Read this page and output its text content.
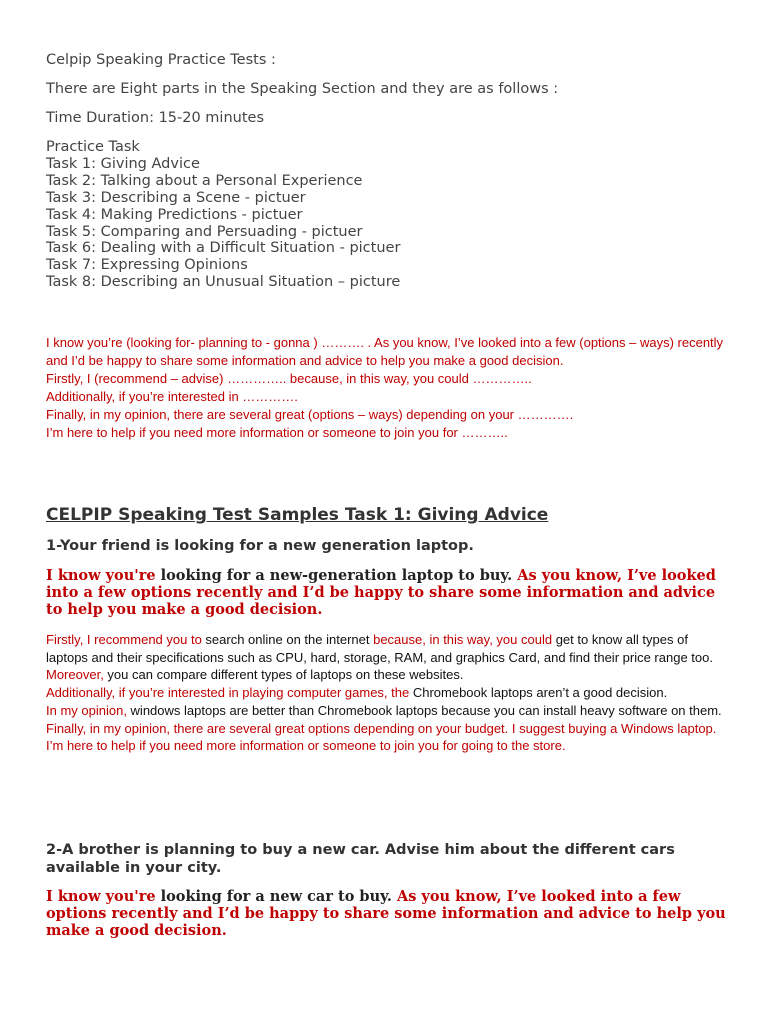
Celpip Speaking Practice Tests :
There are Eight parts in the Speaking Section and they are as follows :
Time Duration: 15-20 minutes
Practice Task
Task 1: Giving Advice
Task 2: Talking about a Personal Experience
Task 3: Describing a Scene - pictuer
Task 4: Making Predictions - pictuer
Task 5: Comparing and Persuading - pictuer
Task 6: Dealing with a Difficult Situation - pictuer
Task 7: Expressing Opinions
Task 8: Describing an Unusual Situation – picture
I know you’re (looking for- planning to - gonna ) ………. . As you know, I’ve looked into a few (options – ways) recently and I’d be happy to share some information and advice to help you make a good decision.
Firstly, I (recommend – advise) ………….. because, in this way, you could …………..
Additionally, if you’re interested in ………….
Finally, in my opinion, there are several great (options – ways) depending on your ………….
I’m here to help if you need more information or someone to join you for ………..
CELPIP Speaking Test Samples Task 1: Giving Advice
1-Your friend is looking for a new generation laptop.
I know you're looking for a new-generation laptop to buy. As you know, I’ve looked into a few options recently and I’d be happy to share some information and advice to help you make a good decision.
Firstly, I recommend you to search online on the internet because, in this way, you could get to know all types of laptops and their specifications such as CPU, hard, storage, RAM, and graphics Card, and find their price range too.
Moreover, you can compare different types of laptops on these websites.
Additionally, if you’re interested in playing computer games, the Chromebook laptops aren’t a good decision.
In my opinion, windows laptops are better than Chromebook laptops because you can install heavy software on them.
Finally, in my opinion, there are several great options depending on your budget. I suggest buying a Windows laptop.
I’m here to help if you need more information or someone to join you for going to the store.
2-A brother is planning to buy a new car. Advise him about the different cars available in your city.
I know you're looking for a new car to buy. As you know, I’ve looked into a few options recently and I’d be happy to share some information and advice to help you make a good decision.
